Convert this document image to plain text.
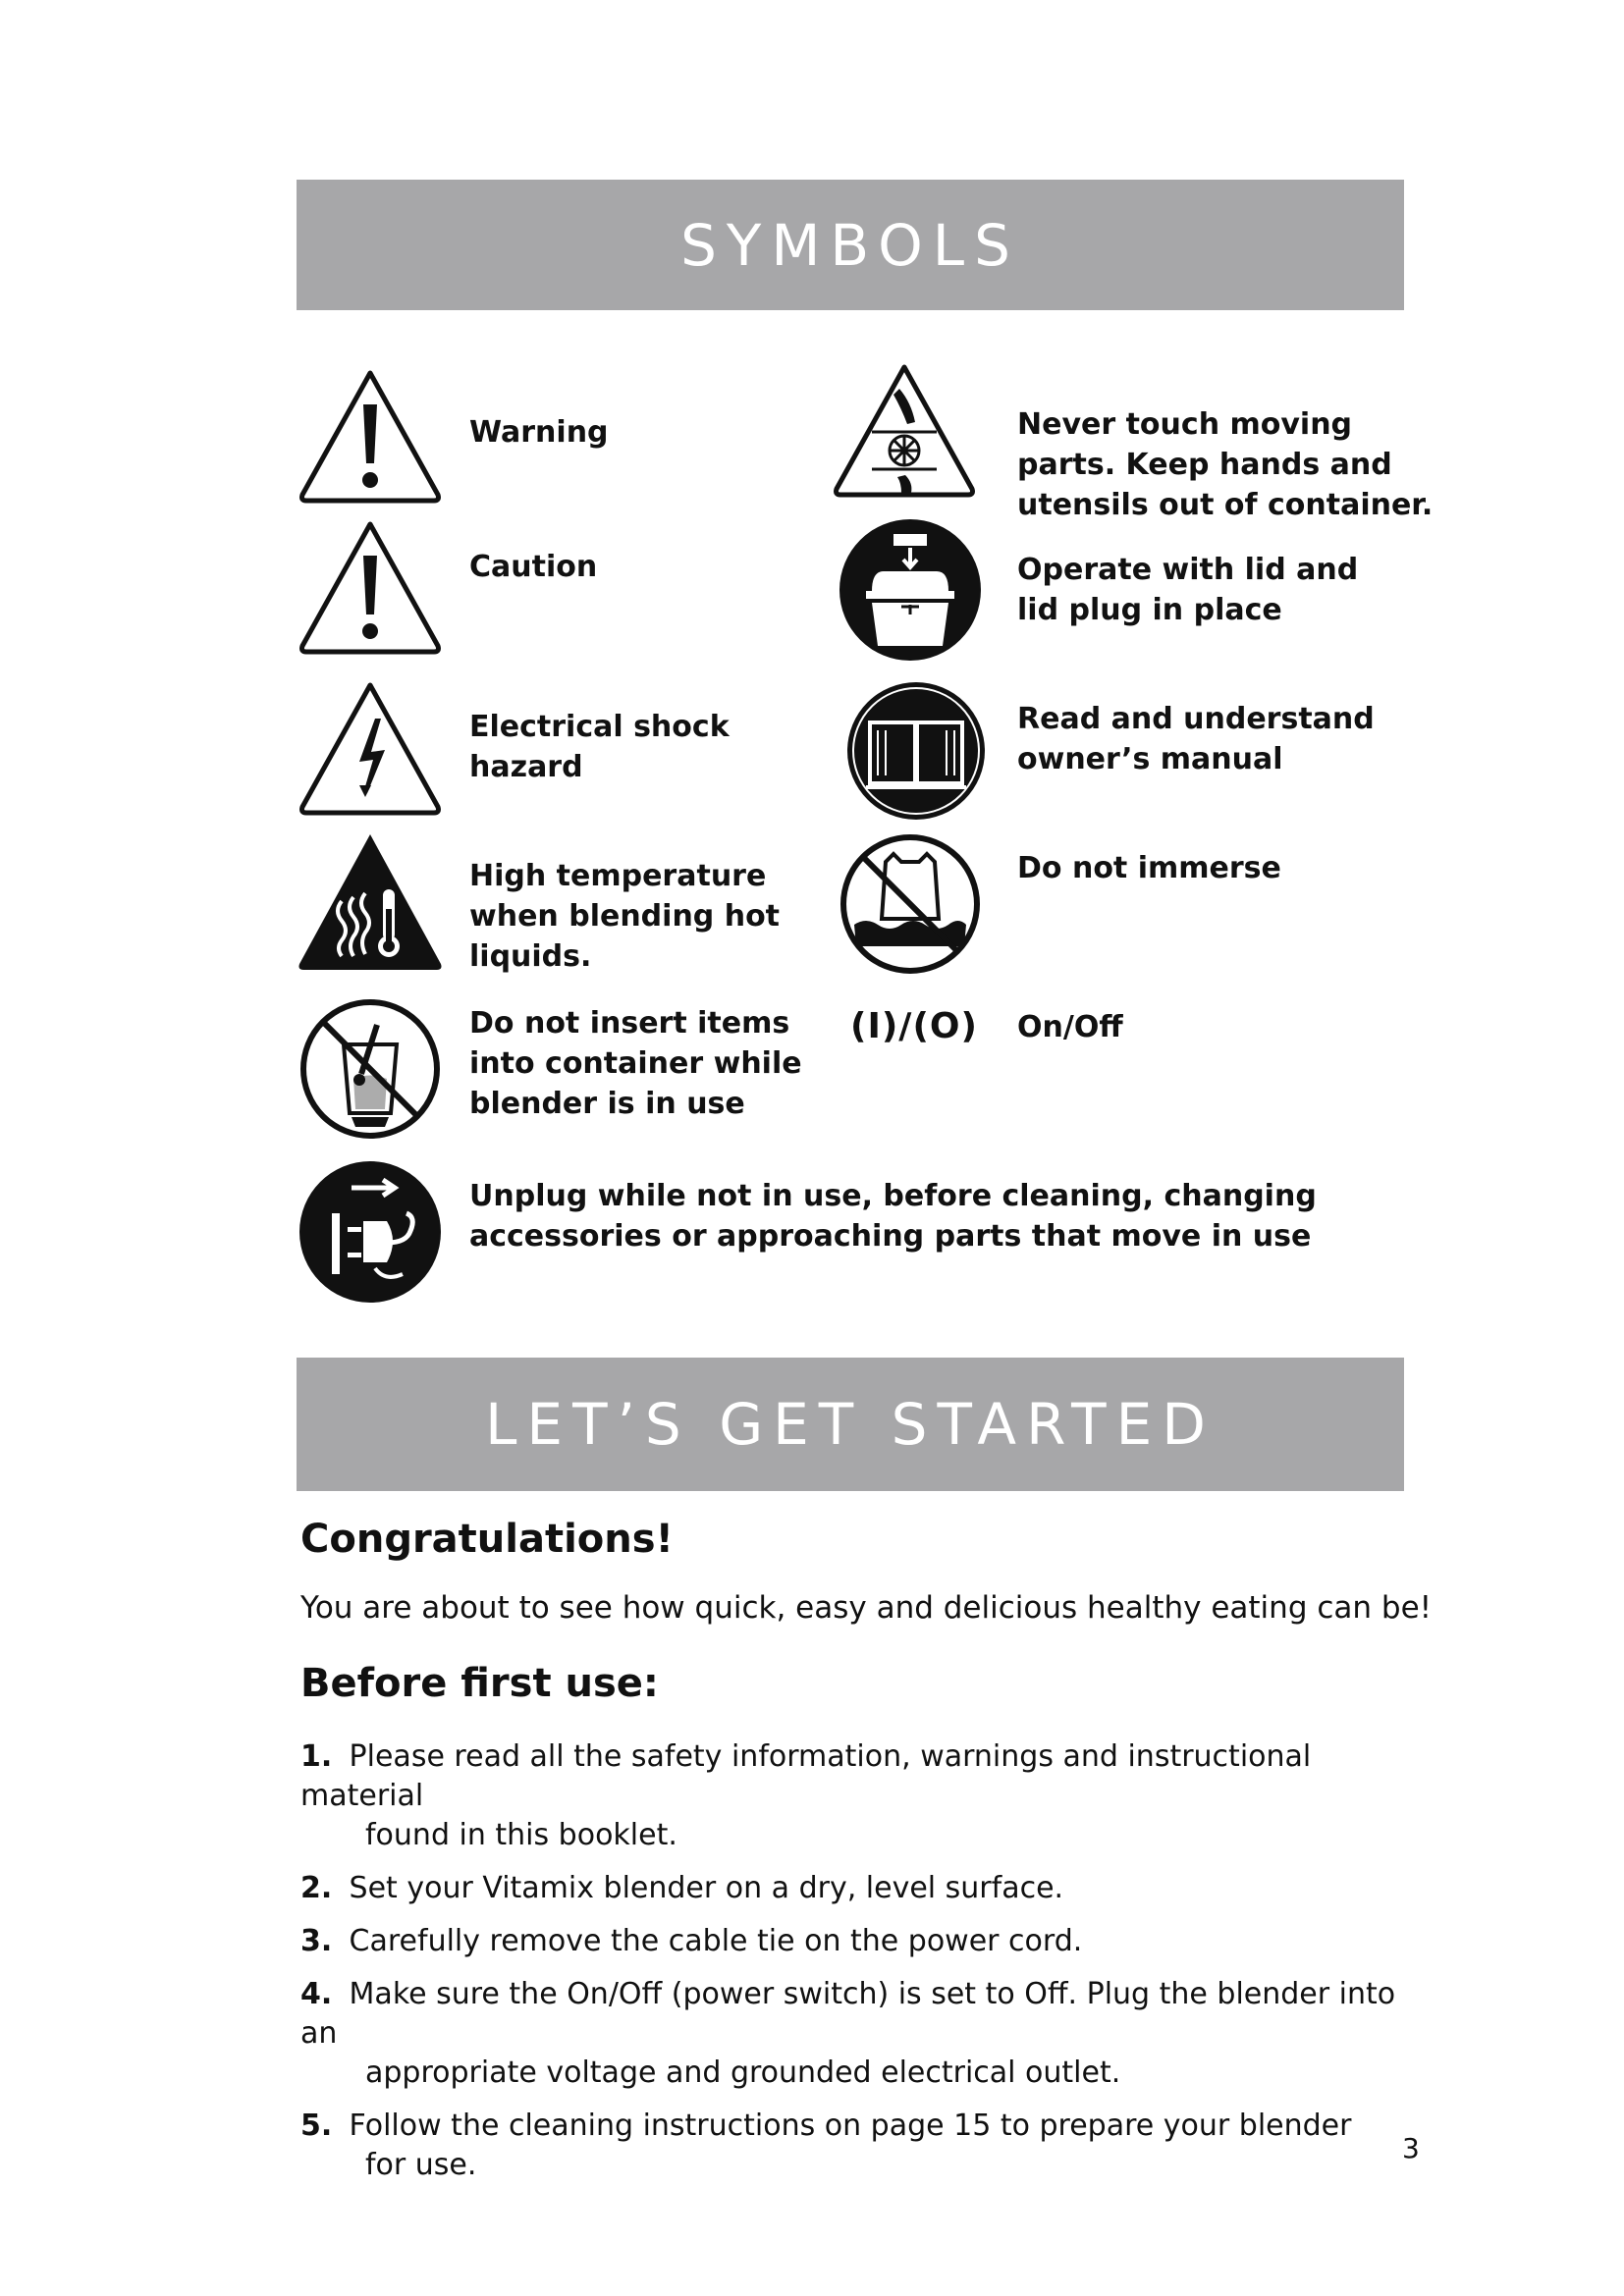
SYMBOLS
Warning
Caution
Electrical shock
hazard
High temperature
when blending hot
liquids.
Do not insert items
into container while
blender is in use
Unplug while not in use, before cleaning, changing
accessories or approaching parts that move in use
Never touch moving
parts. Keep hands and
utensils out of container.
Operate with lid and
lid plug in place
Read and understand
owner’s manual
Do not immerse
(I)/(O) On/Off
LET’S GET STARTED
Congratulations!
You are about to see how quick, easy and delicious healthy eating can be!
Before first use:
1. Please read all the safety information, warnings and instructional material
found in this booklet.
2. Set your Vitamix blender on a dry, level surface.
3. Carefully remove the cable tie on the power cord.
4. Make sure the On/Off (power switch) is set to Off. Plug the blender into an
appropriate voltage and grounded electrical outlet.
5. Follow the cleaning instructions on page 15 to prepare your blender
for use.	3
